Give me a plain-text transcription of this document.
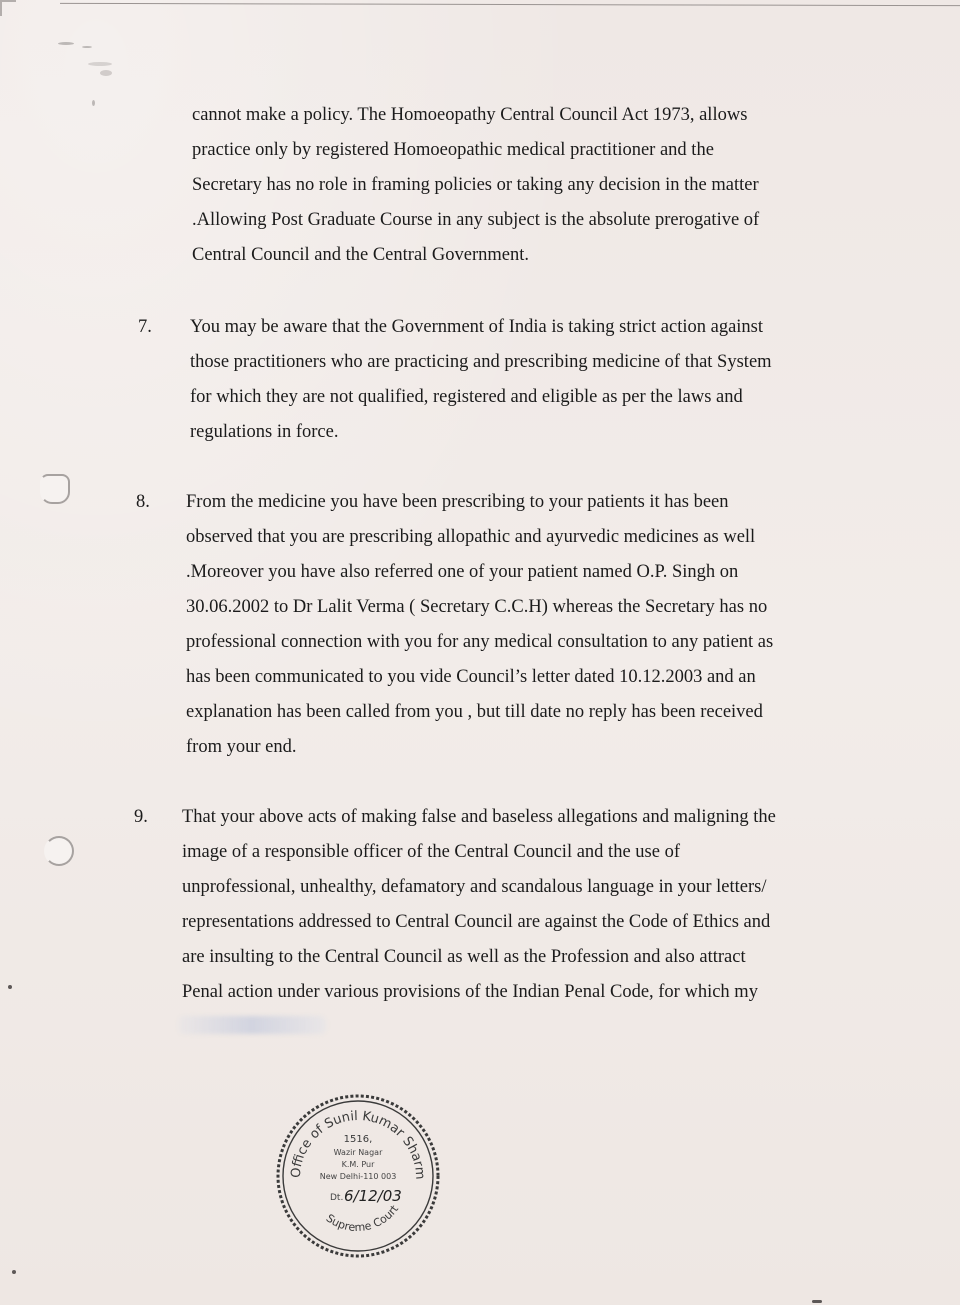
cannot make a policy. The Homoeopathy Central Council Act 1973, allows
practice only by registered Homoeopathic medical practitioner and the
Secretary has no role in framing policies or taking any decision in the matter
.Allowing Post Graduate Course in any subject is the absolute prerogative of
Central Council and the Central Government.
7. You may be aware that the Government of India is taking strict action against
those practitioners who are practicing and prescribing medicine of that System
for which they are not qualified, registered and eligible as per the laws and
regulations in force.
8. From the medicine you have been prescribing to your patients it has been
observed that you are prescribing allopathic and ayurvedic medicines as well
.Moreover you have also referred one of your patient named O.P. Singh on
30.06.2002 to Dr Lalit Verma ( Secretary C.C.H) whereas the Secretary has no
professional connection with you for any medical consultation to any patient as
has been communicated to you vide Council’s letter dated 10.12.2003 and an
explanation has been called from you , but till date no reply has been received
from your end.
9. That your above acts of making false and baseless allegations and maligning the
image of a responsible officer of the Central Council and the use of
unprofessional, unhealthy, defamatory and scandalous language in your letters/
representations addressed to Central Council are against the Code of Ethics and
are insulting to the Central Council as well as the Profession and also attract
Penal action under various provisions of the Indian Penal Code, for which my
Office of Sunil Kumar Sharm
Supreme Court
1516,
Wazir Nagar
K.M. Pur
New Delhi-110 003
Dt. 6/12/03
